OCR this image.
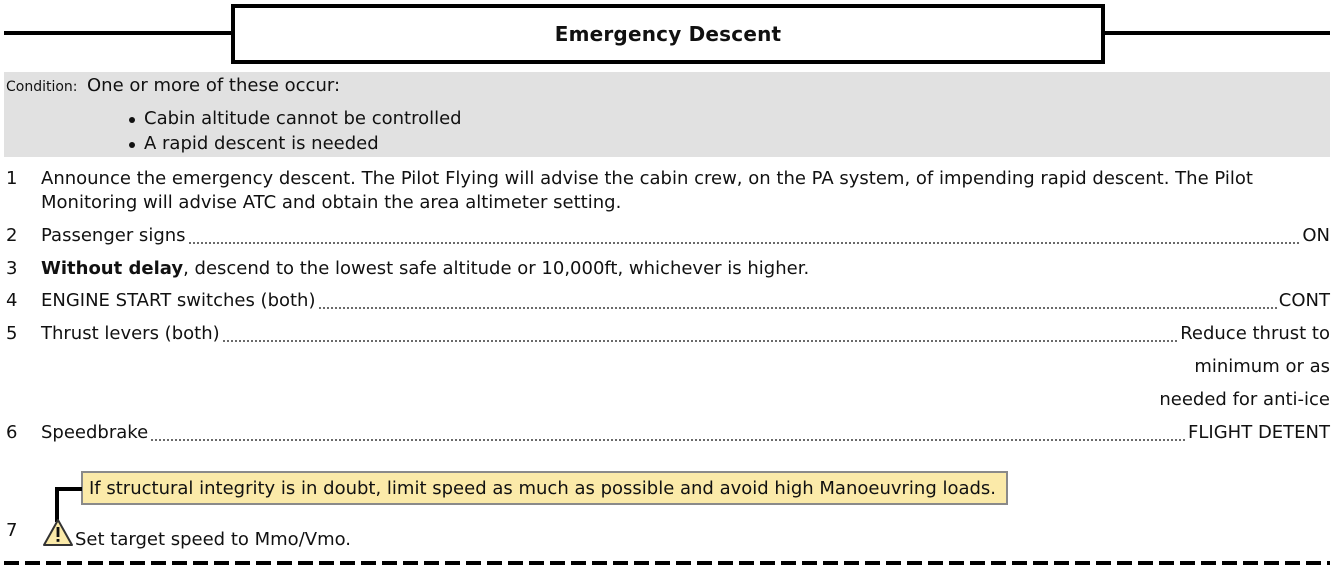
Emergency Descent
Condition: One or more of these occur:
Cabin altitude cannot be controlled
A rapid descent is needed
1 Announce the emergency descent. The Pilot Flying will advise the cabin crew, on the PA system, of impending rapid descent. The Pilot
Monitoring will advise ATC and obtain the area altimeter setting.
2 Passenger signs	ON
3 Without delay, descend to the lowest safe altitude or 10,000ft, whichever is higher.
4 ENGINE START switches (both)	CONT
5 Thrust levers (both)	Reduce thrust to
minimum or as
needed for anti-ice
6 Speedbrake	FLIGHT DETENT
If structural integrity is in doubt, limit speed as much as possible and avoid high Manoeuvring loads.
7	Set target speed to Mmo/Vmo.
